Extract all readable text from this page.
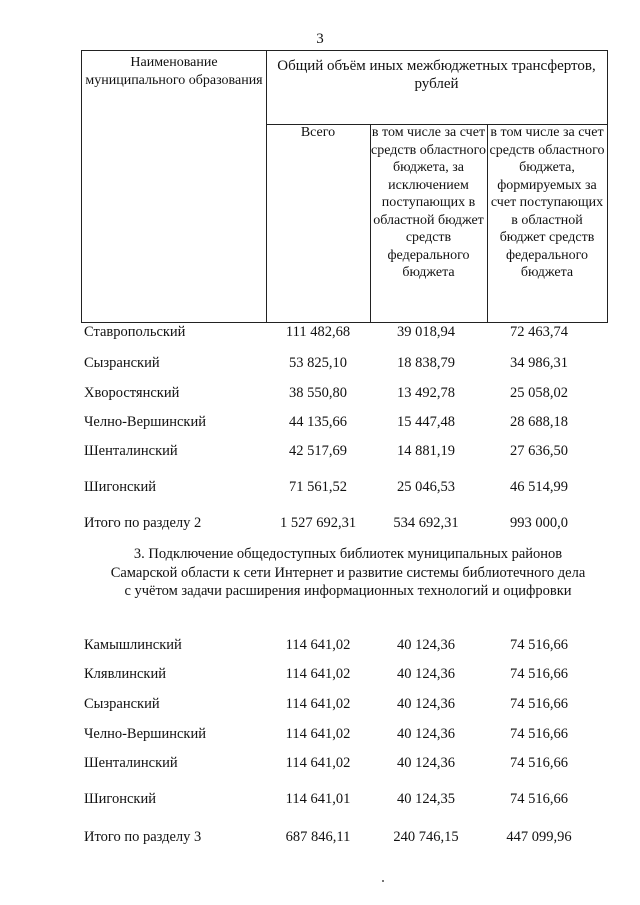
3
Наименование муниципального образования
Общий объём иных межбюджетных трансфертов, рублей
Всего	в том числе за счет средств областного бюджета, за исключением поступающих в областной бюджет средств федерального бюджета
в том числе за счет средств областного бюджета, формируемых за счет поступающих в областной бюджет средств федерального бюджета
Ставропольский	111 482,68	39 018,94	72 463,74
Сызранский	53 825,10	18 838,79	34 986,31
Хворостянский	38 550,80	13 492,78	25 058,02
Челно-Вершинский	44 135,66	15 447,48	28 688,18
Шенталинский	42 517,69	14 881,19	27 636,50
Шигонский	71 561,52	25 046,53	46 514,99
Итого по разделу 2	1 527 692,31	534 692,31	993 000,0
3. Подключение общедоступных библиотек муниципальных районов Самарской области к сети Интернет и развитие системы библиотечного дела с учётом задачи расширения информационных технологий и оцифровки
Камышлинский	114 641,02	40 124,36	74 516,66
Клявлинский	114 641,02	40 124,36	74 516,66
Сызранский	114 641,02	40 124,36	74 516,66
Челно-Вершинский	114 641,02	40 124,36	74 516,66
Шенталинский	114 641,02	40 124,36	74 516,66
Шигонский	114 641,01	40 124,35	74 516,66
Итого по разделу 3	687 846,11	240 746,15	447 099,96
